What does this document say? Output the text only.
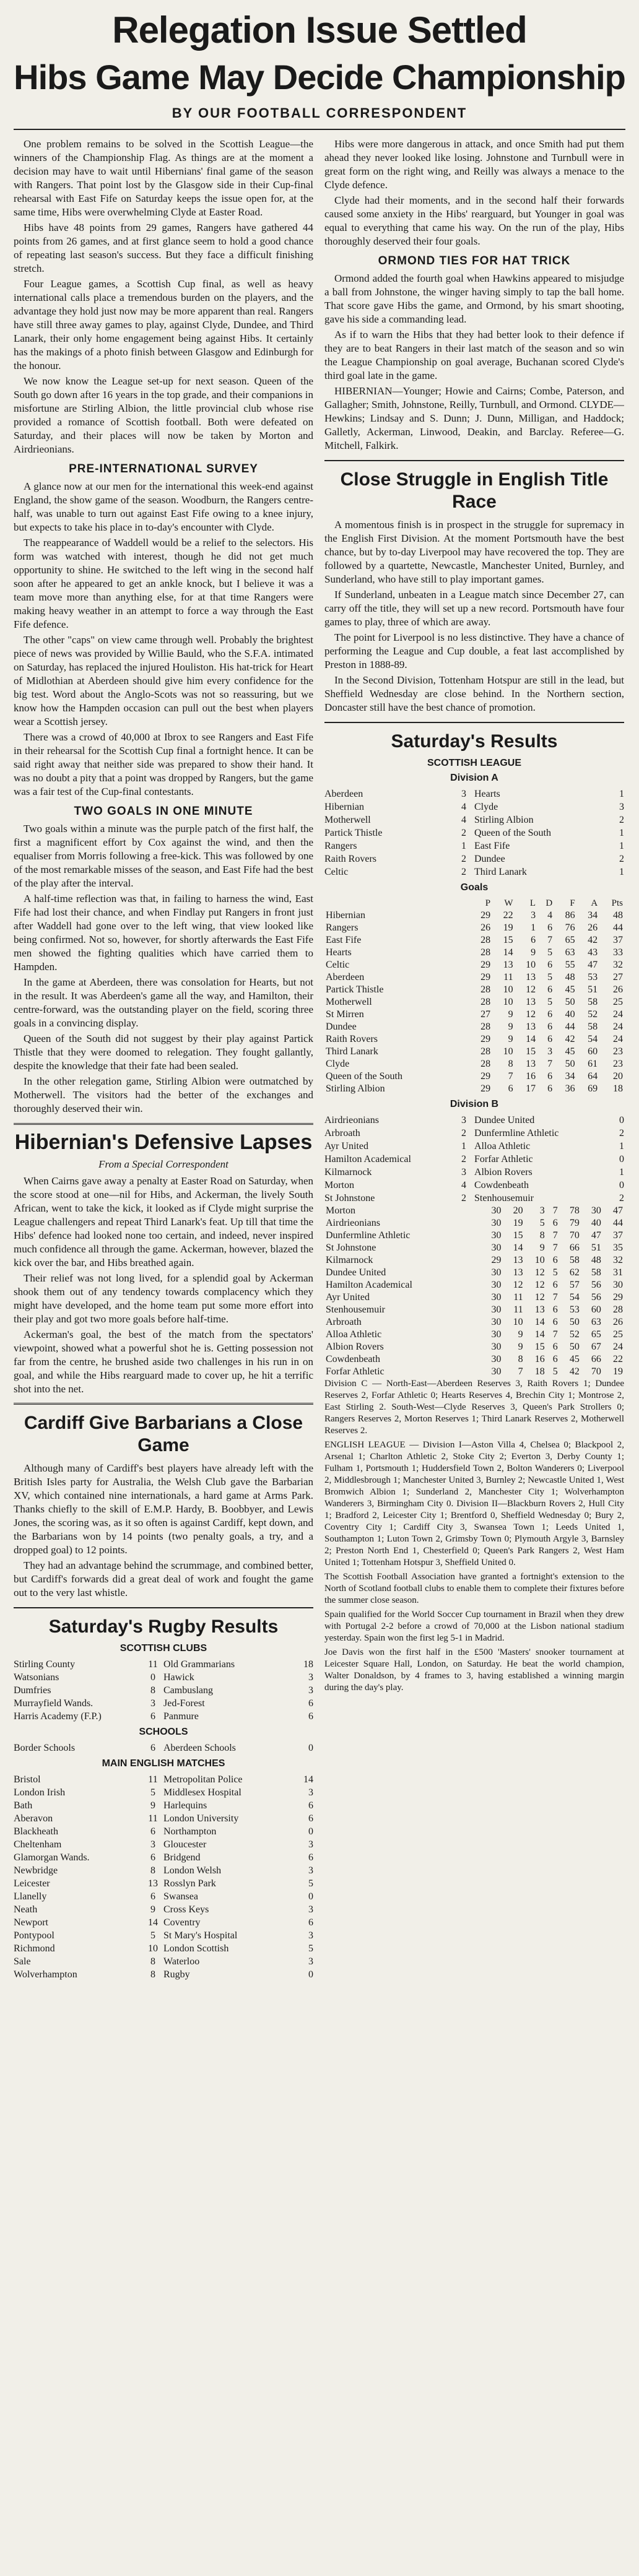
Relegation Issue Settled
Hibs Game May Decide Championship
BY OUR FOOTBALL CORRESPONDENT

One problem remains to be solved in the Scottish League—the winners of the Championship Flag. As things are at the moment a decision may have to wait until Hibernians' final game of the season with Rangers. That point lost by the Glasgow side in their Cup-final rehearsal with East Fife on Saturday keeps the issue open for, at the same time, Hibs were overwhelming Clyde at Easter Road.

Hibs have 48 points from 29 games, Rangers have gathered 44 points from 26 games, and at first glance seem to hold a good chance of repeating last season's success. But they face a difficult finishing stretch.

Four League games, a Scottish Cup final, as well as heavy international calls place a tremendous burden on the players, and the advantage they hold just now may be more apparent than real. Rangers have still three away games to play, against Clyde, Dundee, and Third Lanark, their only home engagement being against Hibs. It certainly has the makings of a photo finish between Glasgow and Edinburgh for the honour.

We now know the League set-up for next season. Queen of the South go down after 16 years in the top grade, and their companions in misfortune are Stirling Albion, the little provincial club whose rise provided a romance of Scottish football. Both were defeated on Saturday, and their places will now be taken by Morton and Airdrieonians.

PRE-INTERNATIONAL SURVEY

A glance now at our men for the international this week-end against England, the show game of the season. Woodburn, the Rangers centre-half, was unable to turn out against East Fife owing to a knee injury, but expects to take his place in to-day's encounter with Clyde.

The reappearance of Waddell would be a relief to the selectors. His form was watched with interest, though he did not get much opportunity to shine. He switched to the left wing in the second half soon after he appeared to get an ankle knock, but I believe it was a team move more than anything else, for at that time Rangers were making heavy weather in an attempt to force a way through the East Fife defence.

The other "caps" on view came through well. Probably the brightest piece of news was provided by Willie Bauld, who the S.F.A. intimated on Saturday, has replaced the injured Houliston. His hat-trick for Heart of Midlothian at Aberdeen should give him every confidence for the big test. Word about the Anglo-Scots was not so reassuring, but we know how the Hampden occasion can pull out the best when players wear a Scottish jersey.

There was a crowd of 40,000 at Ibrox to see Rangers and East Fife in their rehearsal for the Scottish Cup final a fortnight hence. It can be said right away that neither side was prepared to show their hand. It was no doubt a pity that a point was dropped by Rangers, but the game was a fair test of the Cup-final contestants.

TWO GOALS IN ONE MINUTE

Two goals within a minute was the purple patch of the first half, the first a magnificent effort by Cox against the wind, and then the equaliser from Morris following a free-kick. This was followed by one of the most remarkable misses of the season, and East Fife had the best of the play after the interval.

A half-time reflection was that, in failing to harness the wind, East Fife had lost their chance, and when Findlay put Rangers in front just after Waddell had gone over to the left wing, that view looked like being confirmed. Not so, however, for shortly afterwards the East Fife men showed the fighting qualities which have carried them to Hampden.

In the game at Aberdeen, there was consolation for Hearts, but not in the result. It was Aberdeen's game all the way, and Hamilton, their centre-forward, was the outstanding player on the field, scoring three goals in a convincing display.

Queen of the South did not suggest by their play against Partick Thistle that they were doomed to relegation. They fought gallantly, despite the knowledge that their fate had been sealed.

In the other relegation game, Stirling Albion were outmatched by Motherwell. The visitors had the better of the exchanges and thoroughly deserved their win.

Hibernian's Defensive Lapses
From a Special Correspondent

When Cairns gave away a penalty at Easter Road on Saturday, when the score stood at one—nil for Hibs, and Ackerman, the lively South African, went to take the kick, it looked as if Clyde might surprise the League challengers and repeat Third Lanark's feat. Up till that time the Hibs' defence had looked none too certain, and indeed, never inspired much confidence all through the game. Ackerman, however, blazed the kick over the bar, and Hibs breathed again.

Their relief was not long lived, for a splendid goal by Ackerman shook them out of any tendency towards complacency which they might have developed, and the home team put some more effort into their play and got two more goals before half-time.

Ackerman's goal, the best of the match from the spectators' viewpoint, showed what a powerful shot he is. Getting possession not far from the centre, he brushed aside two challenges in his run in on goal, and while the Hibs rearguard made to cover up, he hit a terrific shot into the net.

Cardiff Give Barbarians a Close Game

Although many of Cardiff's best players have already left with the British Isles party for Australia, the Welsh Club gave the Barbarian XV, which contained nine internationals, a hard game at Arms Park. Thanks chiefly to the skill of E.M.P. Hardy, B. Boobbyer, and Lewis Jones, the scoring was, as it so often is against Cardiff, kept down, and the Barbarians won by 14 points (two penalty goals, a try, and a dropped goal) to 12 points.

They had an advantage behind the scrummage, and combined better, but Cardiff's forwards did a great deal of work and fought the game out to the very last whistle.

Saturday's Rugby Results
SCOTTISH CLUBS
Stirling County	11 Old Grammarians	18
Watsonians	0 Hawick	3
Dumfries	8 Cambuslang	3
Murrayfield Wands.	3 Jed-Forest	6
Harris Academy (F.P.)	6 Panmure	6
SCHOOLS
Border Schools	6 Aberdeen Schools	0
MAIN ENGLISH MATCHES
Bristol	11 Metropolitan Police	14
London Irish	5 Middlesex Hospital	3
Bath	9 Harlequins	6
Aberavon	11 London University	6
Blackheath	6 Northampton	0
Cheltenham	3 Gloucester	3
Glamorgan Wands.	6 Bridgend	6
Newbridge	8 London Welsh	3
Leicester	13 Rosslyn Park	5
Llanelly	6 Swansea	0
Neath	9 Cross Keys	3
Newport	14 Coventry	6
Pontypool	5 St Mary's Hospital	3
Richmond	10 London Scottish	5
Sale	8 Waterloo	3
Wolverhampton	8 Rugby	0

Hibs were more dangerous in attack, and once Smith had put them ahead they never looked like losing. Johnstone and Turnbull were in great form on the right wing, and Reilly was always a menace to the Clyde defence.

Clyde had their moments, and in the second half their forwards caused some anxiety in the Hibs' rearguard, but Younger in goal was equal to everything that came his way. On the run of the play, Hibs thoroughly deserved their four goals.

ORMOND TIES FOR HAT TRICK

Ormond added the fourth goal when Hawkins appeared to misjudge a ball from Johnstone, the winger having simply to tap the ball home. That score gave Hibs the game, and Ormond, by his smart shooting, gave his side a commanding lead.

As if to warn the Hibs that they had better look to their defence if they are to beat Rangers in their last match of the season and so win the League Championship on goal average, Buchanan scored Clyde's third goal late in the game.

HIBERNIAN—Younger; Howie and Cairns; Combe, Paterson, and Gallagher; Smith, Johnstone, Reilly, Turnbull, and Ormond. CLYDE—Hewkins; Lindsay and S. Dunn; J. Dunn, Milligan, and Haddock; Galletly, Ackerman, Linwood, Deakin, and Barclay. Referee—G. Mitchell, Falkirk.

Close Struggle in English Title Race

A momentous finish is in prospect in the struggle for supremacy in the English First Division. At the moment Portsmouth have the best chance, but by to-day Liverpool may have recovered the top. They are followed by a quartette, Newcastle, Manchester United, Burnley, and Sunderland, who have still to play important games.

If Sunderland, unbeaten in a League match since December 27, can carry off the title, they will set up a new record. Portsmouth have four games to play, three of which are away.

The point for Liverpool is no less distinctive. They have a chance of performing the League and Cup double, a feat last accomplished by Preston in 1888-89.

In the Second Division, Tottenham Hotspur are still in the lead, but Sheffield Wednesday are close behind. In the Northern section, Doncaster still have the best chance of promotion.

Saturday's Results
SCOTTISH LEAGUE
Division A
Aberdeen	3 Hearts	1
Hibernian	4 Clyde	3
Motherwell	4 Stirling Albion	2
Partick Thistle	2 Queen of the South	1
Rangers	1 East Fife	1
Raith Rovers	2 Dundee	2
Celtic	2 Third Lanark	1
Goals
	P	W	L	D	F	A	Pts
Hibernian	29	22	3	4	86	34	48
Rangers	26	19	1	6	76	26	44
East Fife	28	15	6	7	65	42	37
Hearts	28	14	9	5	63	43	33
Celtic	29	13	10	6	55	47	32
Aberdeen	29	11	13	5	48	53	27
Partick Thistle	28	10	12	6	45	51	26
Motherwell	28	10	13	5	50	58	25
St Mirren	27	9	12	6	40	52	24
Dundee	28	9	13	6	44	58	24
Raith Rovers	29	9	14	6	42	54	24
Third Lanark	28	10	15	3	45	60	23
Clyde	28	8	13	7	50	61	23
Queen of the South	29	7	16	6	34	64	20
Stirling Albion	29	6	17	6	36	69	18
Division B
Airdrieonians	3 Dundee United	0
Arbroath	2 Dunfermline Athletic	2
Ayr United	1 Alloa Athletic	1
Hamilton Academical	2 Forfar Athletic	0
Kilmarnock	3 Albion Rovers	1
Morton	4 Cowdenbeath	0
St Johnstone	2 Stenhousemuir	2
Morton	30	20	3	7	78	30	47
Airdrieonians	30	19	5	6	79	40	44
Dunfermline Athletic	30	15	8	7	70	47	37
St Johnstone	30	14	9	7	66	51	35
Kilmarnock	29	13	10	6	58	48	32
Dundee United	30	13	12	5	62	58	31
Hamilton Academical	30	12	12	6	57	56	30
Ayr United	30	11	12	7	54	56	29
Stenhousemuir	30	11	13	6	53	60	28
Arbroath	30	10	14	6	50	63	26
Alloa Athletic	30	9	14	7	52	65	25
Albion Rovers	30	9	15	6	50	67	24
Cowdenbeath	30	8	16	6	45	66	22
Forfar Athletic	30	7	18	5	42	70	19
Division C — North-East—Aberdeen Reserves 3, Raith Rovers 1; Dundee Reserves 2, Forfar Athletic 0; Hearts Reserves 4, Brechin City 1; Montrose 2, East Stirling 2. South-West—Clyde Reserves 3, Queen's Park Strollers 0; Rangers Reserves 2, Morton Reserves 1; Third Lanark Reserves 2, Motherwell Reserves 2.
ENGLISH LEAGUE — Division I—Aston Villa 4, Chelsea 0; Blackpool 2, Arsenal 1; Charlton Athletic 2, Stoke City 2; Everton 3, Derby County 1; Fulham 1, Portsmouth 1; Huddersfield Town 2, Bolton Wanderers 0; Liverpool 2, Middlesbrough 1; Manchester United 3, Burnley 2; Newcastle United 1, West Bromwich Albion 1; Sunderland 2, Manchester City 1; Wolverhampton Wanderers 3, Birmingham City 0. Division II—Blackburn Rovers 2, Hull City 1; Bradford 2, Leicester City 1; Brentford 0, Sheffield Wednesday 0; Bury 2, Coventry City 1; Cardiff City 3, Swansea Town 1; Leeds United 1, Southampton 1; Luton Town 2, Grimsby Town 0; Plymouth Argyle 3, Barnsley 2; Preston North End 1, Chesterfield 0; Queen's Park Rangers 2, West Ham United 1; Tottenham Hotspur 3, Sheffield United 0.
The Scottish Football Association have granted a fortnight's extension to the North of Scotland football clubs to enable them to complete their fixtures before the summer close season.
Spain qualified for the World Soccer Cup tournament in Brazil when they drew with Portugal 2-2 before a crowd of 70,000 at the Lisbon national stadium yesterday. Spain won the first leg 5-1 in Madrid.
Joe Davis won the first half in the £500 'Masters' snooker tournament at Leicester Square Hall, London, on Saturday. He beat the world champion, Walter Donaldson, by 4 frames to 3, having established a winning margin during the day's play.
